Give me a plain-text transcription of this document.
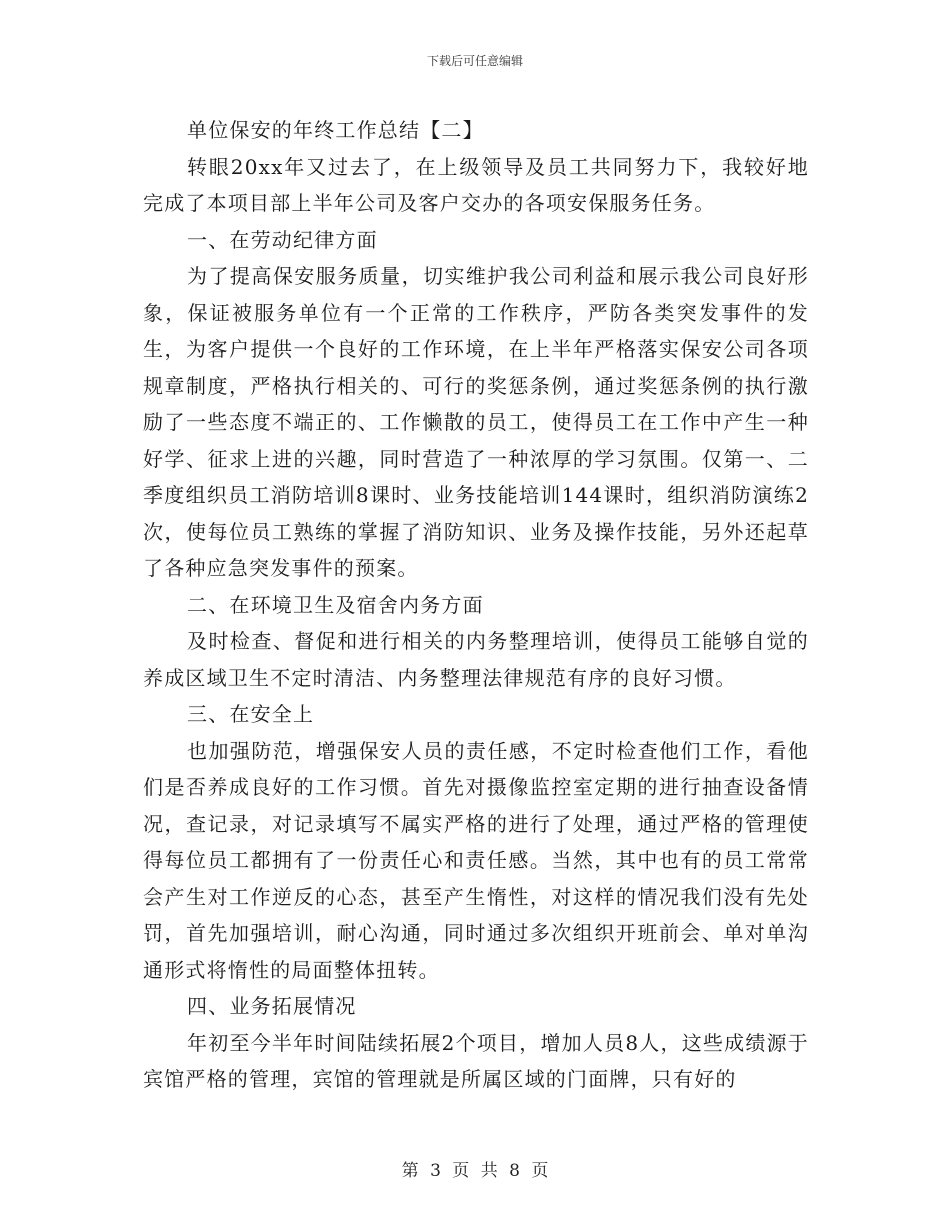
下载后可任意编辑

单位保安的年终工作总结【二】

转眼20xx年又过去了，在上级领导及员工共同努力下，我较好地完成了本项目部上半年公司及客户交办的各项安保服务任务。

一、在劳动纪律方面

为了提高保安服务质量，切实维护我公司利益和展示我公司良好形象，保证被服务单位有一个正常的工作秩序，严防各类突发事件的发生，为客户提供一个良好的工作环境，在上半年严格落实保安公司各项规章制度，严格执行相关的、可行的奖惩条例，通过奖惩条例的执行激励了一些态度不端正的、工作懒散的员工，使得员工在工作中产生一种好学、征求上进的兴趣，同时营造了一种浓厚的学习氛围。仅第一、二季度组织员工消防培训8课时、业务技能培训144课时，组织消防演练2次，使每位员工熟练的掌握了消防知识、业务及操作技能，另外还起草了各种应急突发事件的预案。

二、在环境卫生及宿舍内务方面

及时检查、督促和进行相关的内务整理培训，使得员工能够自觉的养成区域卫生不定时清洁、内务整理法律规范有序的良好习惯。

三、在安全上

也加强防范，增强保安人员的责任感，不定时检查他们工作，看他们是否养成良好的工作习惯。首先对摄像监控室定期的进行抽查设备情况，查记录，对记录填写不属实严格的进行了处理，通过严格的管理使得每位员工都拥有了一份责任心和责任感。当然，其中也有的员工常常会产生对工作逆反的心态，甚至产生惰性，对这样的情况我们没有先处罚，首先加强培训，耐心沟通，同时通过多次组织开班前会、单对单沟通形式将惰性的局面整体扭转。

四、业务拓展情况

年初至今半年时间陆续拓展2个项目，增加人员8人，这些成绩源于宾馆严格的管理，宾馆的管理就是所属区域的门面牌，只有好的

第 3 页 共 8 页
